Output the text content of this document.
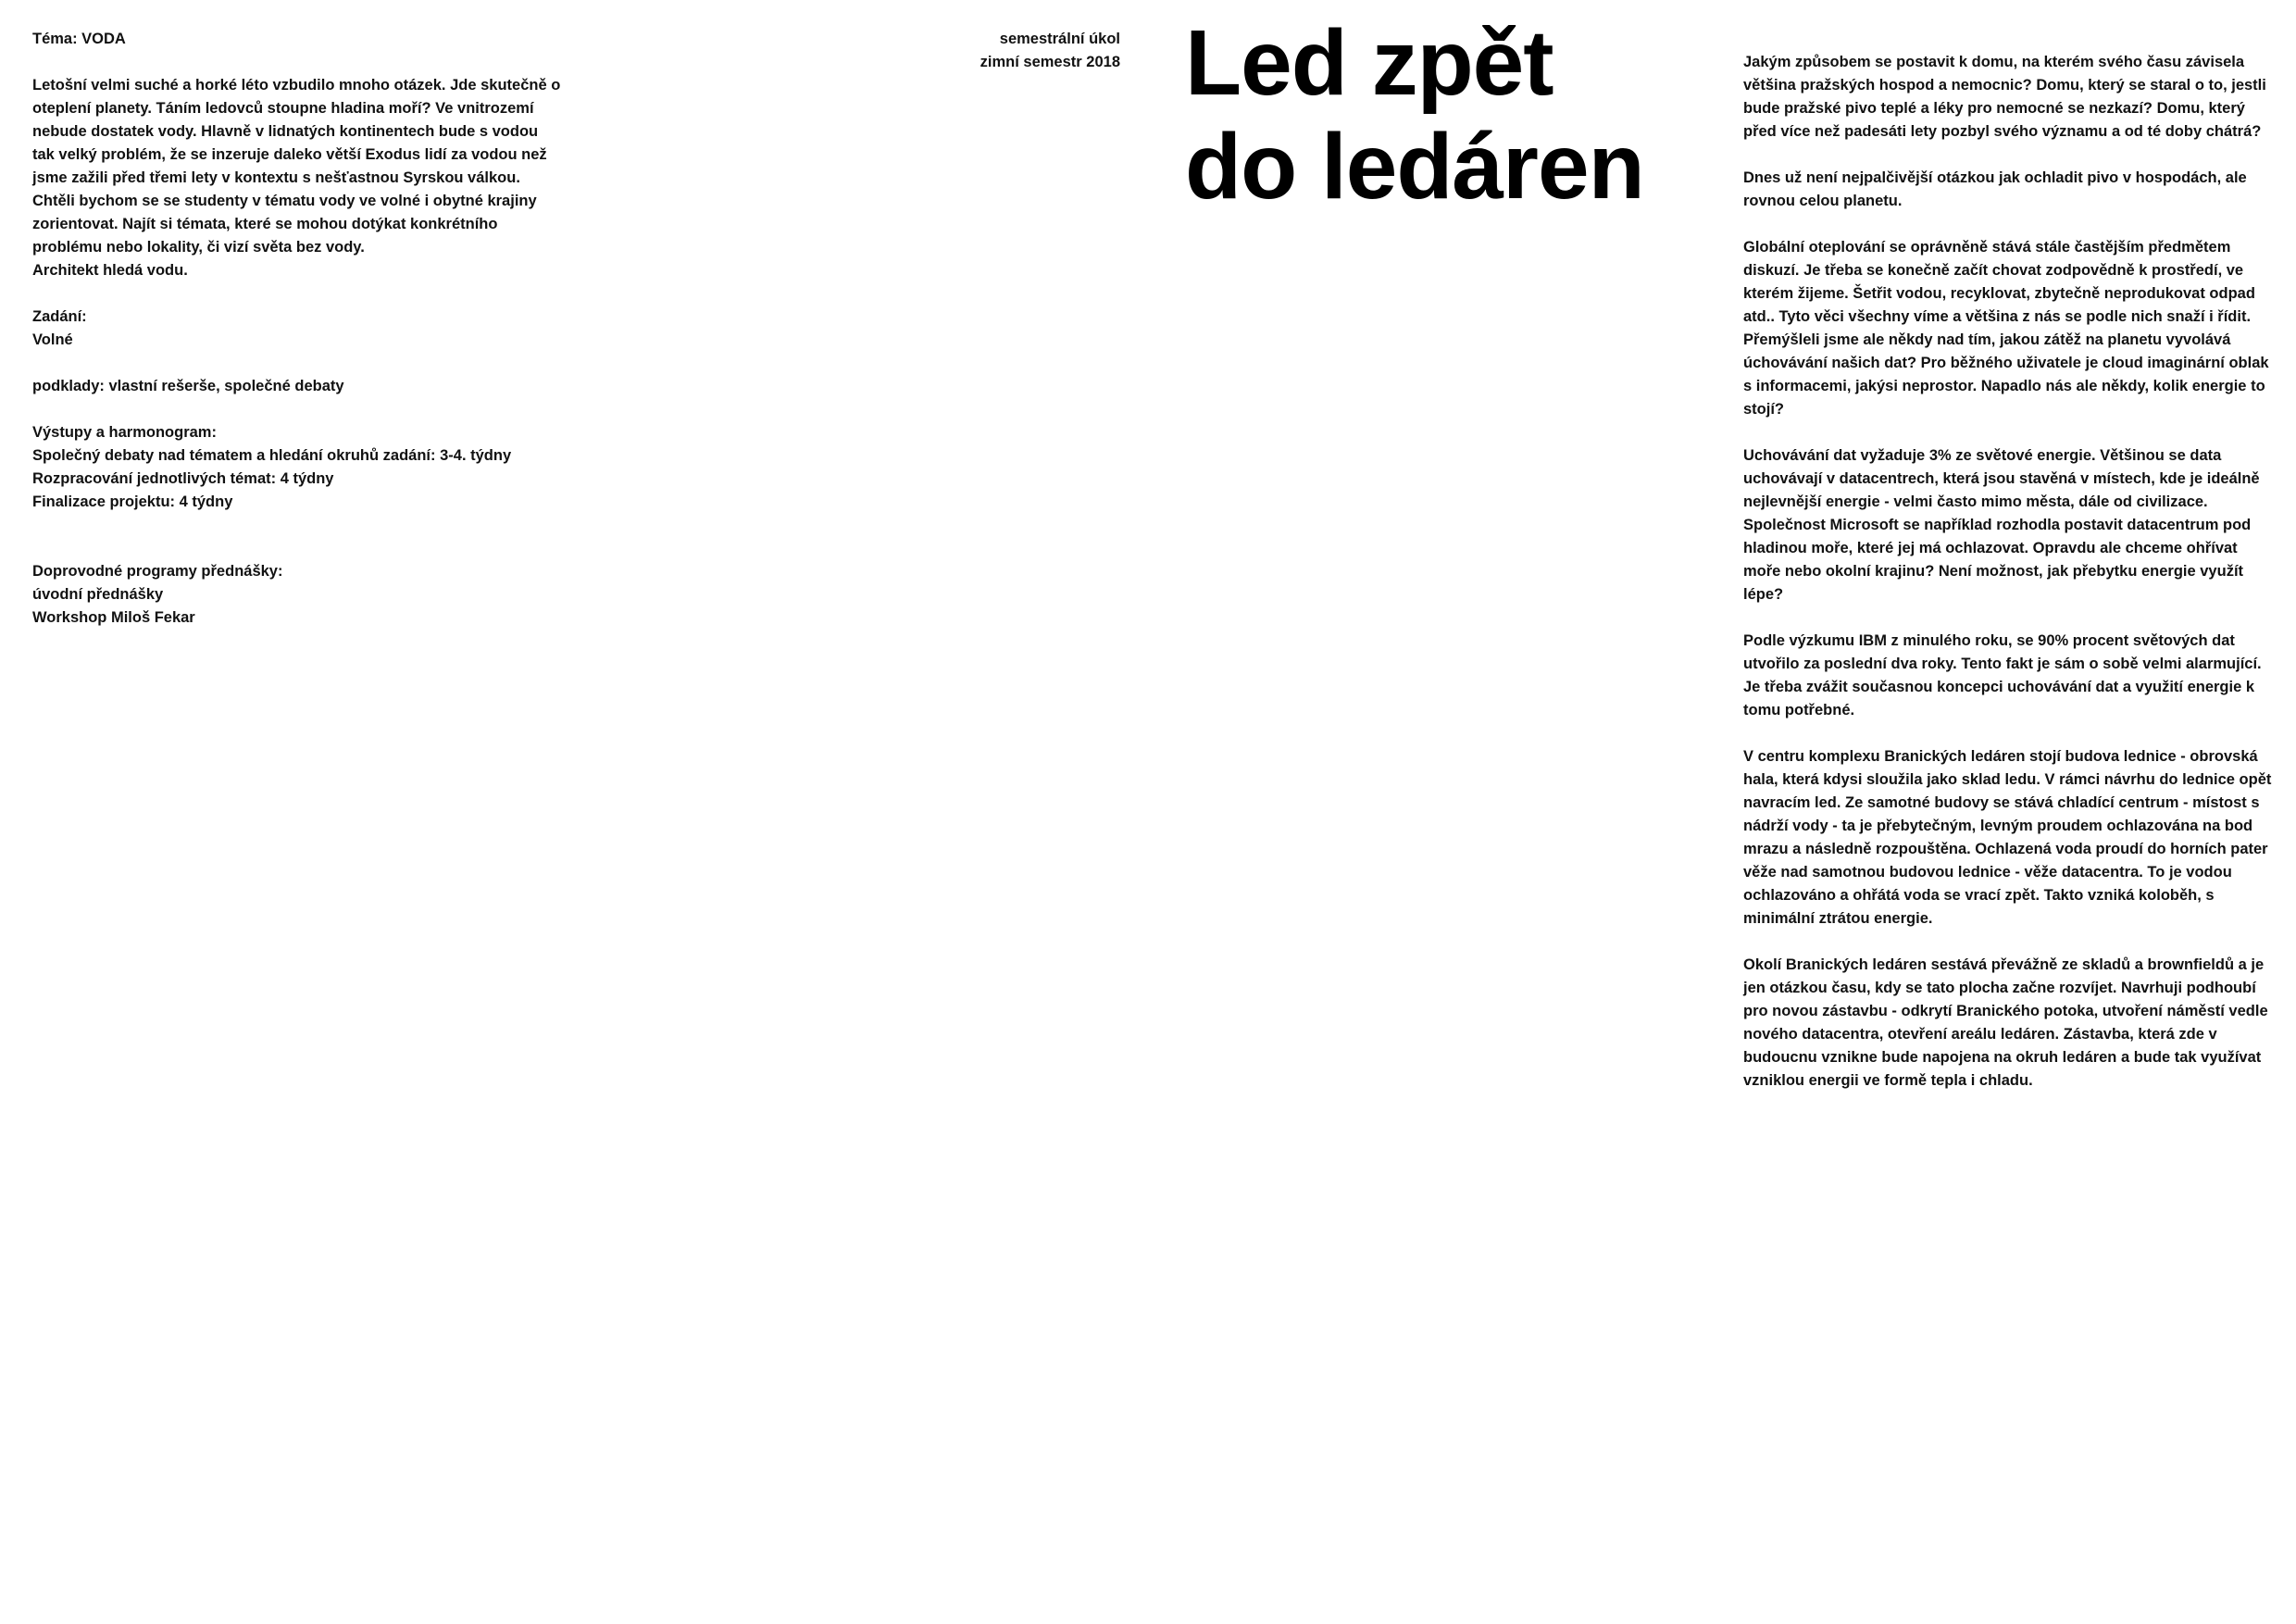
Téma: VODA

Letošní velmi suché a horké léto vzbudilo mnoho otázek. Jde skutečně o oteplení planety. Táním ledovců stoupne hladina moří? Ve vnitrozemí nebude dostatek vody. Hlavně v lidnatých kontinentech bude s vodou tak velký problém, že se inzeruje daleko větší Exodus lidí za vodou než jsme zažili před třemi lety v kontextu s nešťastnou Syrskou válkou.
Chtěli bychom se se studenty v tématu vody ve volné i obytné krajiny zorientovat. Najít si témata, které se mohou dotýkat konkrétního problému nebo lokality, či vizí světa bez vody.
Architekt hledá vodu.

Zadání:
Volné

podklady: vlastní rešerše, společné debaty

Výstupy a harmonogram:
Společný debaty nad tématem a hledání okruhů zadání: 3-4. týdny
Rozpracování jednotlivých témat: 4 týdny
Finalizace projektu: 4 týdny

Doprovodné programy přednášky:
úvodní přednášky
Workshop Miloš Fekar

semestrální úkol
zimní semestr 2018 Led zpět
do ledáren

Jakým způsobem se postavit k domu, na kterém svého času závisela většina pražských hospod a nemocnic? Domu, který se staral o to, jestli bude pražské pivo teplé a léky pro nemocné se nezkazí? Domu, který před více než padesáti lety pozbyl svého významu a od té doby chátrá?

Dnes už není nejpalčivější otázkou jak ochladit pivo v hospodách, ale rovnou celou planetu.

Globální oteplování se oprávněně stává stále častějším předmětem diskuzí. Je třeba se konečně začít chovat zodpovědně k prostředí, ve kterém žijeme. Šetřit vodou, recyklovat, zbytečně neprodukovat odpad atd.. Tyto věci všechny víme a většina z nás se podle nich snaží i řídit. Přemýšleli jsme ale někdy nad tím, jakou zátěž na planetu vyvolává úchovávání našich dat? Pro běžného uživatele je cloud imaginární oblak s informacemi, jakýsi neprostor. Napadlo nás ale někdy, kolik energie to stojí?

Uchovávání dat vyžaduje 3% ze světové energie. Většinou se data uchovávají v datacentrech, která jsou stavěná v místech, kde je ideálně nejlevnější energie - velmi často mimo města, dále od civilizace. Společnost Microsoft se například rozhodla postavit datacentrum pod hladinou moře, které jej má ochlazovat. Opravdu ale chceme ohřívat moře nebo okolní krajinu? Není možnost, jak přebytku energie využít lépe?

Podle výzkumu IBM z minulého roku, se 90% procent světových dat utvořilo za poslední dva roky. Tento fakt je sám o sobě velmi alarmující. Je třeba zvážit současnou koncepci uchovávání dat a využití energie k tomu potřebné.

V centru komplexu Branických ledáren stojí budova lednice - obrovská hala, která kdysi sloužila jako sklad ledu. V rámci návrhu do lednice opět navracím led. Ze samotné budovy se stává chladící centrum - místost s nádrží vody - ta je přebytečným, levným proudem ochlazována na bod mrazu a následně rozpouštěna. Ochlazená voda proudí do horních pater věže nad samotnou budovou lednice - věže datacentra. To je vodou ochlazováno a ohřátá voda se vrací zpět. Takto vzniká koloběh, s minimální ztrátou energie.

Okolí Branických ledáren sestává převážně ze skladů a brownfieldů a je jen otázkou času, kdy se tato plocha začne rozvíjet. Navrhuji podhoubí pro novou zástavbu - odkrytí Branického potoka, utvoření náměstí vedle nového datacentra, otevření areálu ledáren. Zástavba, která zde v budoucnu vznikne bude napojena na okruh ledáren a bude tak využívat vzniklou energii ve formě tepla i chladu.
